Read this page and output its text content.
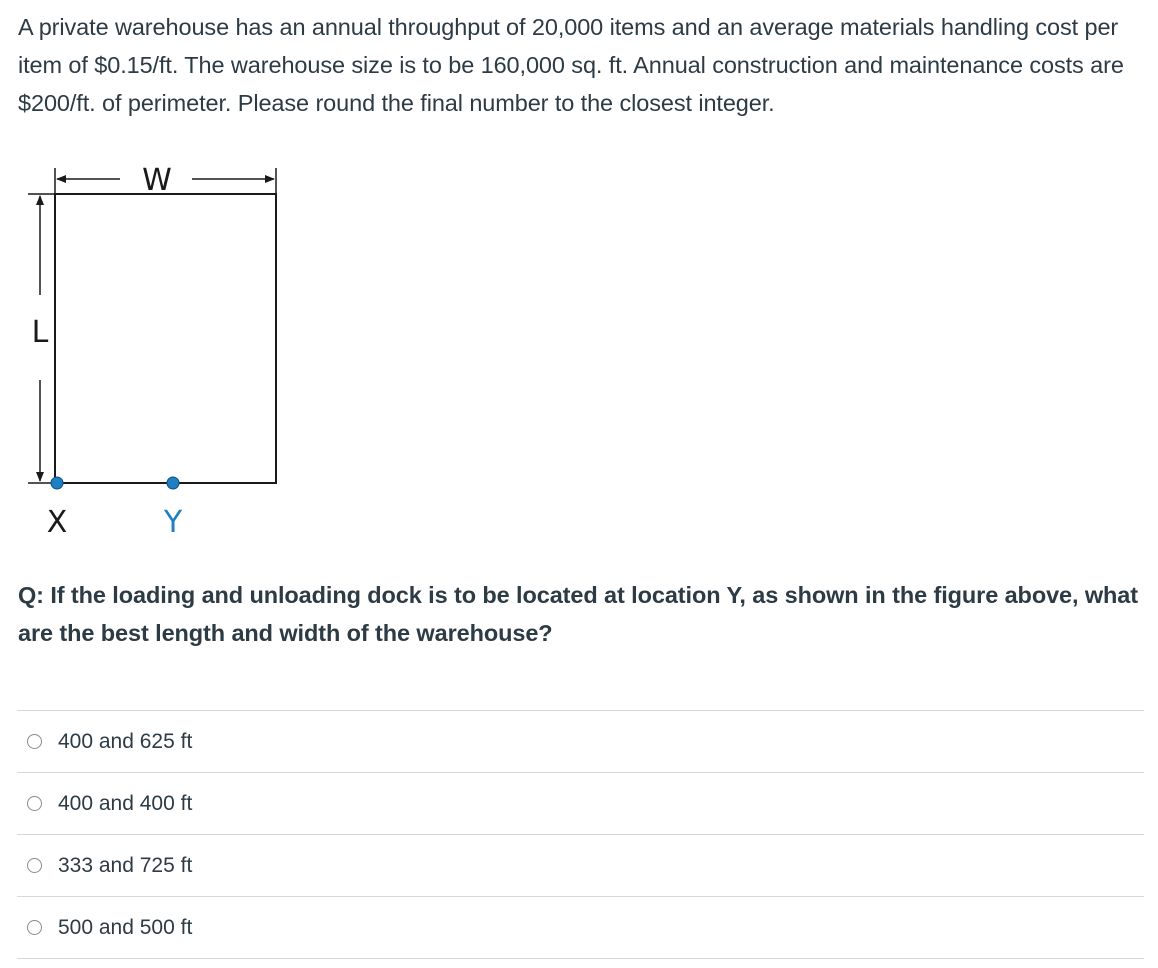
A private warehouse has an annual throughput of 20,000 items and an average materials handling cost per item of $0.15/ft. The warehouse size is to be 160,000 sq. ft. Annual construction and maintenance costs are $200/ft. of perimeter. Please round the final number to the closest integer.
W
L
X	Y
Q: If the loading and unloading dock is to be located at location Y, as shown in the figure above, what are the best length and width of the warehouse?
400 and 625 ft
400 and 400 ft
333 and 725 ft
500 and 500 ft
